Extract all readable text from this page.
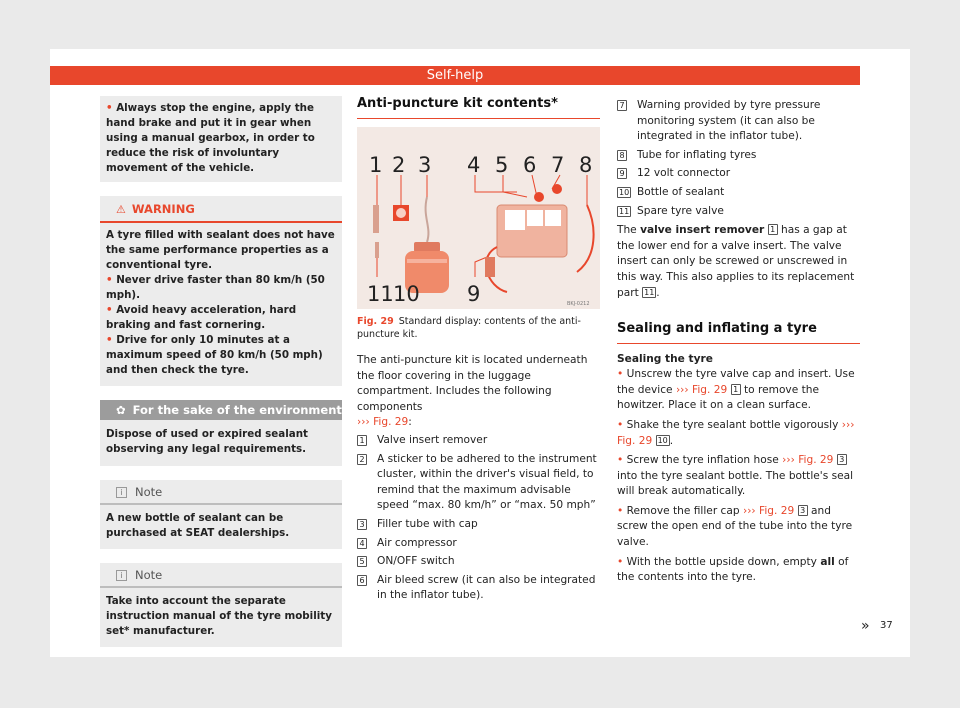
Self-help

• Always stop the engine, apply the hand brake and put it in gear when using a manual gearbox, in order to reduce the risk of involuntary movement of the vehicle.

⚠ WARNING

A tyre filled with sealant does not have the same performance properties as a conventional tyre.

• Never drive faster than 80 km/h (50 mph).

• Avoid heavy acceleration, hard braking and fast cornering.

• Drive for only 10 minutes at a maximum speed of 80 km/h (50 mph) and then check the tyre.

✿ For the sake of the environment

Dispose of used or expired sealant observing any legal requirements.

i Note

A new bottle of sealant can be purchased at SEAT dealerships.

i Note

Take into account the separate instruction manual of the tyre mobility set* manufacturer.

Anti-puncture kit contents*
1 2 3 4 5 6 7 8
11 10 9	BKJ-0212

Fig. 29 Standard display: contents of the anti-puncture kit.

The anti-puncture kit is located underneath the floor covering in the luggage compartment. Includes the following components
››› Fig. 29:

1 Valve insert remover
2 A sticker to be adhered to the instrument cluster, within the driver's visual field, to remind that the maximum advisable speed “max. 80 km/h” or “max. 50 mph”
3 Filler tube with cap
4 Air compressor
5 ON/OFF switch
6 Air bleed screw (it can also be integrated in the inflator tube).
7 Warning provided by tyre pressure monitoring system (it can also be integrated in the inflator tube).
8 Tube for inflating tyres
9 12 volt connector
10 Bottle of sealant
11 Spare tyre valve

The valve insert remover 1 has a gap at the lower end for a valve insert. The valve insert can only be screwed or unscrewed in this way. This also applies to its replacement part 11 .

Sealing and inflating a tyre

Sealing the tyre

• Unscrew the tyre valve cap and insert. Use the device ››› Fig. 29 1 to remove the howitzer. Place it on a clean surface.

• Shake the tyre sealant bottle vigorously ››› Fig. 29 10 .

• Screw the tyre inflation hose ››› Fig. 29 3 into the tyre sealant bottle. The bottle's seal will break automatically.

• Remove the filler cap ››› Fig. 29 3 and screw the open end of the tube into the tyre valve.

• With the bottle upside down, empty all of the contents into the tyre.

» 37
